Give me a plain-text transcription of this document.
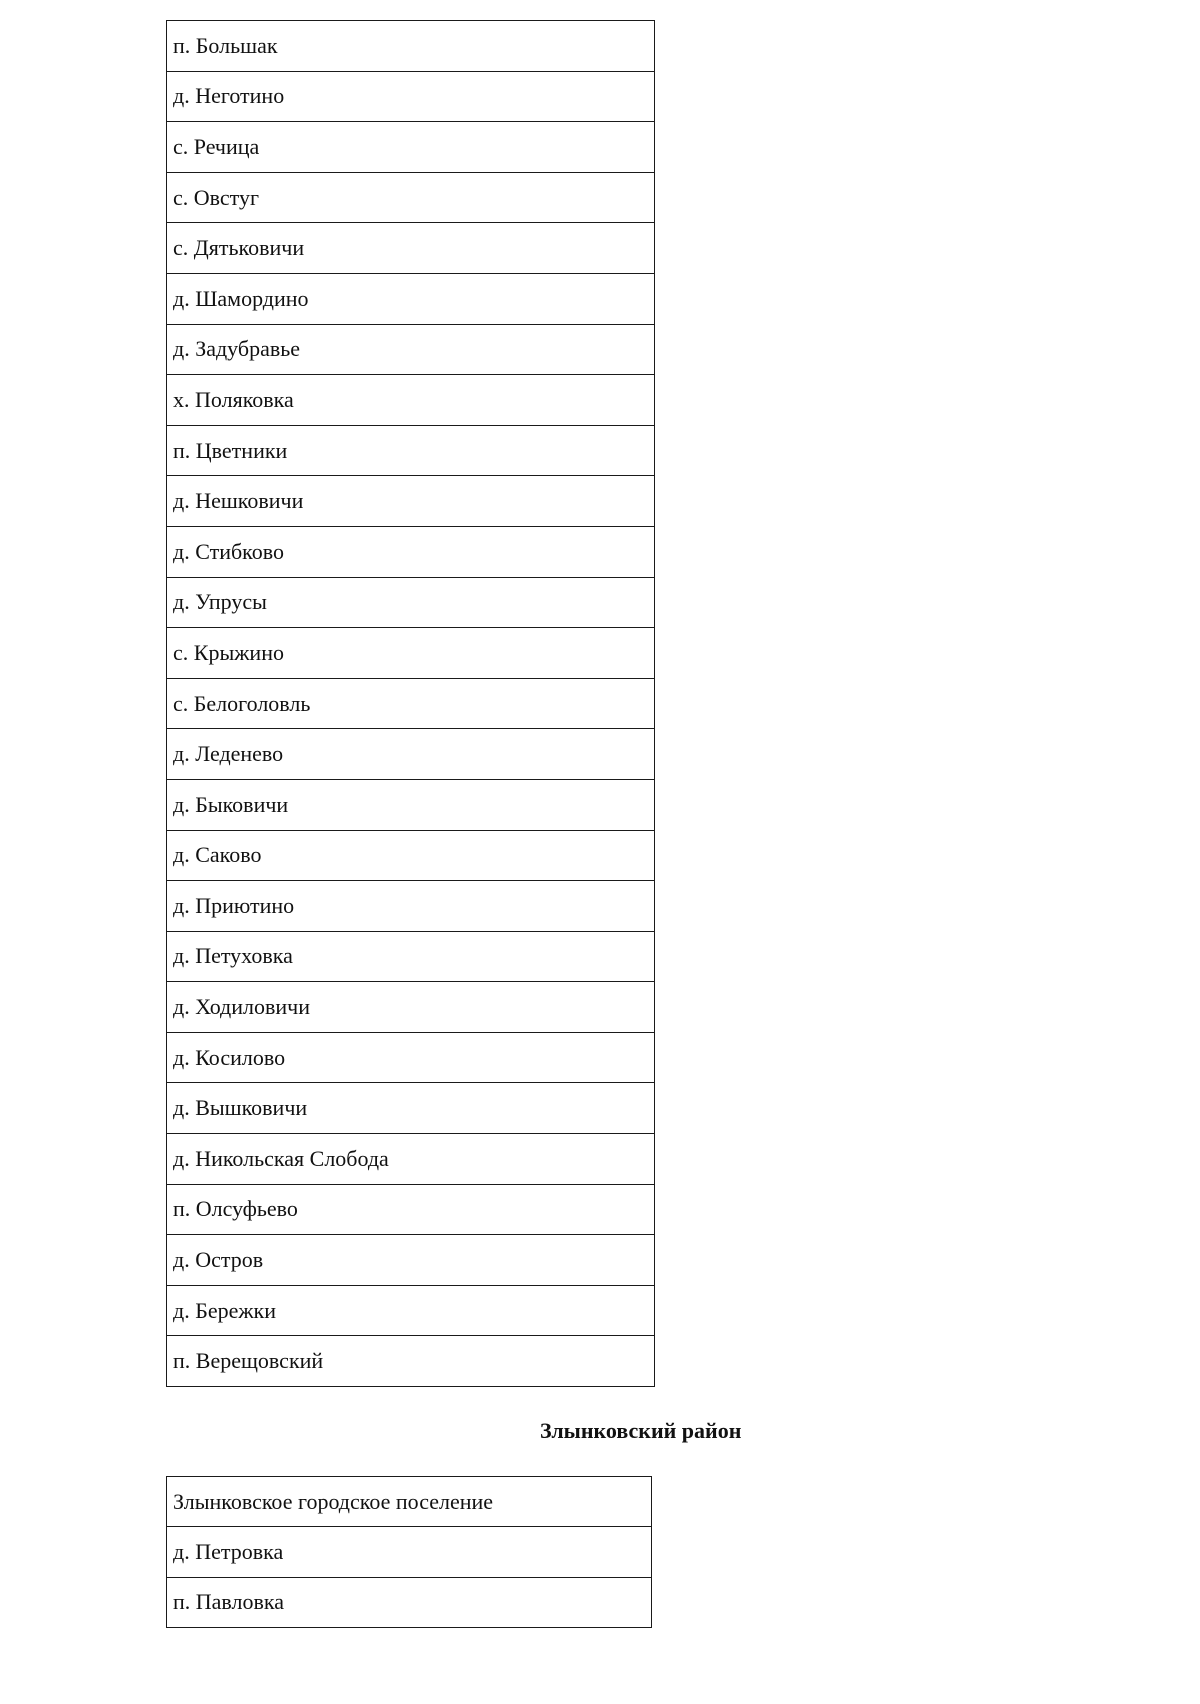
п. Большак
д. Неготино
с. Речица
с. Овстуг
с. Дятьковичи
д. Шамордино
д. Задубравье
х. Поляковка
п. Цветники
д. Нешковичи
д. Стибково
д. Упрусы
с. Крыжино
с. Белоголовль
д. Леденево
д. Быковичи
д. Саково
д. Приютино
д. Петуховка
д. Ходиловичи
д. Косилово
д. Вышковичи
д. Никольская Слобода
п. Олсуфьево
д. Остров
д. Бережки
п. Верещовский
Злынковский район
Злынковское городское поселение
д. Петровка
п. Павловка
